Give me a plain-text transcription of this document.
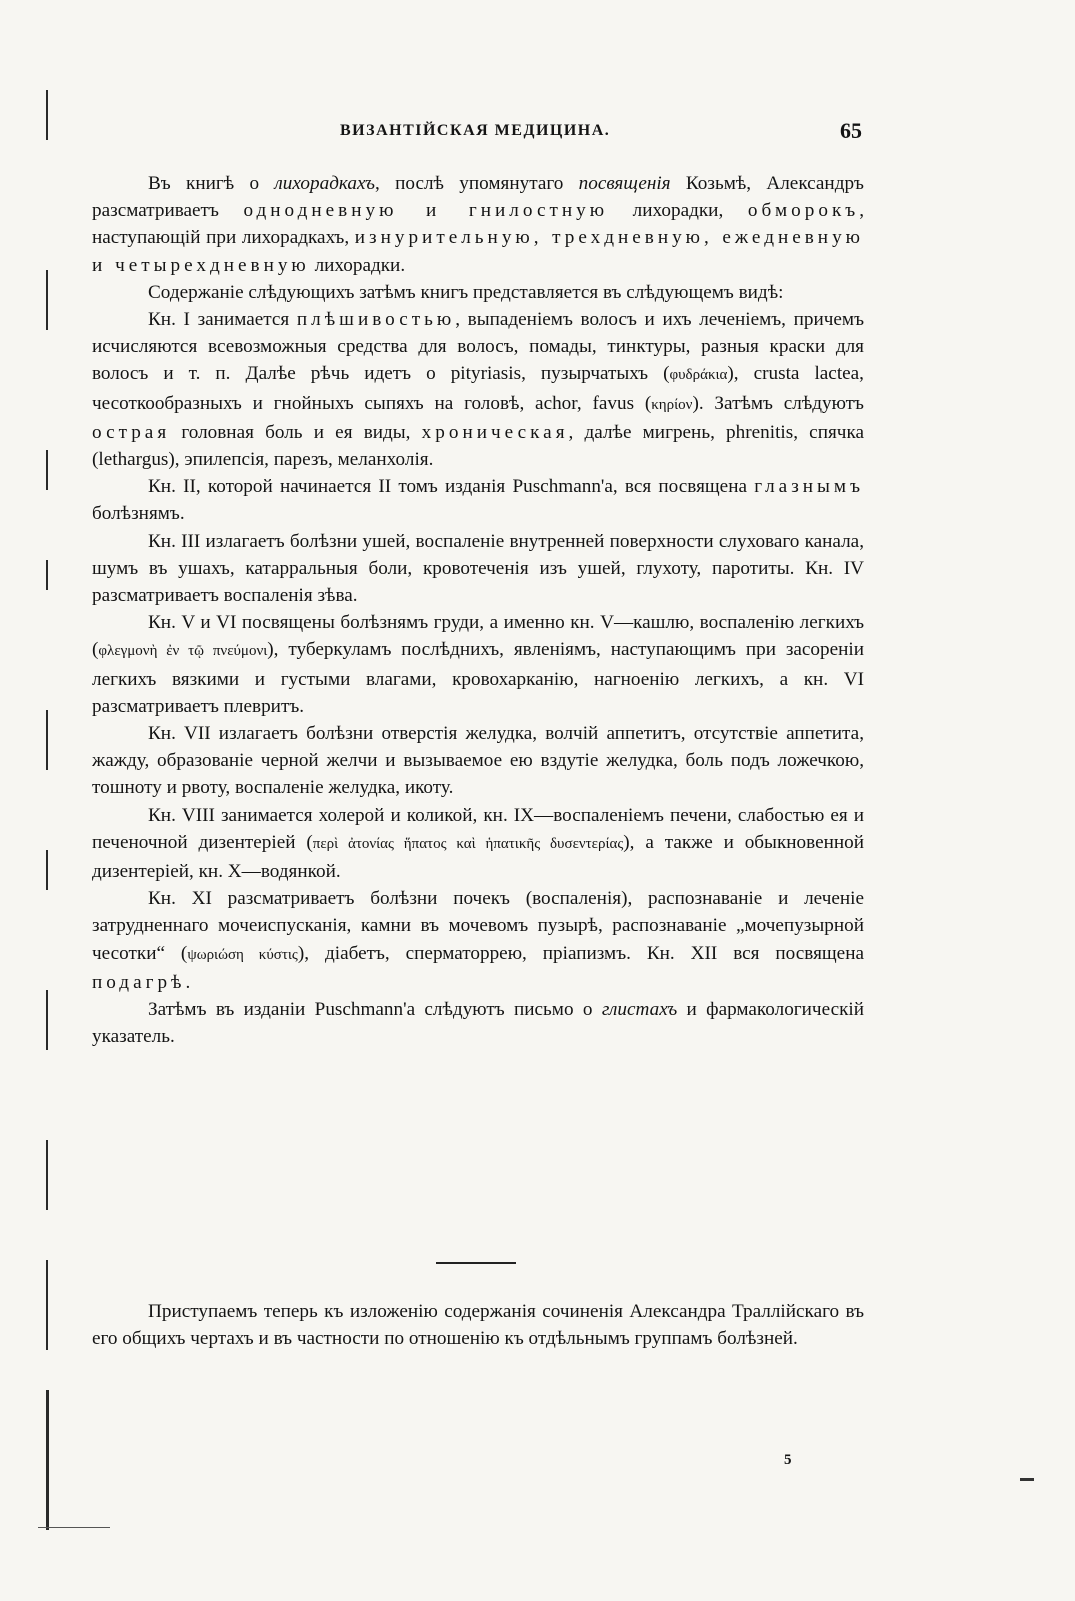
ВИЗАНТІЙСКАЯ МЕДИЦИНА.	65

Въ книгѣ о лихорадкахъ, послѣ упомянутаго посвященія Козьмѣ, Александръ разсматриваетъ однодневную и гнилостную лихорадки, обморокъ, наступающій при лихорадкахъ, изнурительную, трехдневную, ежедневную и четырехдневную лихорадки.

Содержаніе слѣдующихъ затѣмъ книгъ представляется въ слѣдующемъ видѣ:

Кн. I занимается плѣшивостью, выпаденіемъ волосъ и ихъ леченіемъ, причемъ исчисляются всевозможныя средства для волосъ, помады, тинктуры, разныя краски для волосъ и т. п. Далѣе рѣчь идетъ о pityriasis, пузырчатыхъ (φυδράκια), crusta lactea, чесоткообразныхъ и гнойныхъ сыпяхъ на головѣ, achor, favus (κηρίον). Затѣмъ слѣдуютъ острая головная боль и ея виды, хроническая, далѣе мигрень, phrenitis, спячка (lethargus), эпилепсія, парезъ, меланхолія.

Кн. II, которой начинается II томъ изданія Puschmann'а, вся посвящена глазнымъ болѣзнямъ.

Кн. III излагаетъ болѣзни ушей, воспаленіе внутренней поверхности слуховаго канала, шумъ въ ушахъ, катарральныя боли, кровотеченія изъ ушей, глухоту, паротиты. Кн. IV разсматриваетъ воспаленія зѣва.

Кн. V и VI посвящены болѣзнямъ груди, а именно кн. V—кашлю, воспаленію легкихъ (φλεγμονὴ ἐν τῷ πνεύμονι), туберкуламъ послѣднихъ, явленіямъ, наступающимъ при засореніи легкихъ вязкими и густыми влагами, кровохарканію, нагноенію легкихъ, а кн. VI разсматриваетъ плевритъ.

Кн. VII излагаетъ болѣзни отверстія желудка, волчій аппетитъ, отсутствіе аппетита, жажду, образованіе черной желчи и вызываемое ею вздутіе желудка, боль подъ ложечкою, тошноту и рвоту, воспаленіе желудка, икоту.

Кн. VIII занимается холерой и коликой, кн. IX—воспаленіемъ печени, слабостью ея и печеночной дизентеріей (περὶ ἀτονίας ἥπατος καὶ ἡπατικῆς δυσεντερίας), а также и обыкновенной дизентеріей, кн. X—водянкой.

Кн. XI разсматриваетъ болѣзни почекъ (воспаленія), распознаваніе и леченіе затрудненнаго мочеиспусканія, камни въ мочевомъ пузырѣ, распознаваніе „мочепузырной чесотки“ (ψωριώση κύστις), діабетъ, сперматоррею, пріапизмъ. Кн. XII вся посвящена подагрѣ.

Затѣмъ въ изданіи Puschmann'а слѣдуютъ письмо о глистахъ и фармакологическій указатель.

Приступаемъ теперь къ изложенію содержанія сочиненія Александра Траллійскаго въ его общихъ чертахъ и въ частности по отношенію къ отдѣльнымъ группамъ болѣзней.

5
